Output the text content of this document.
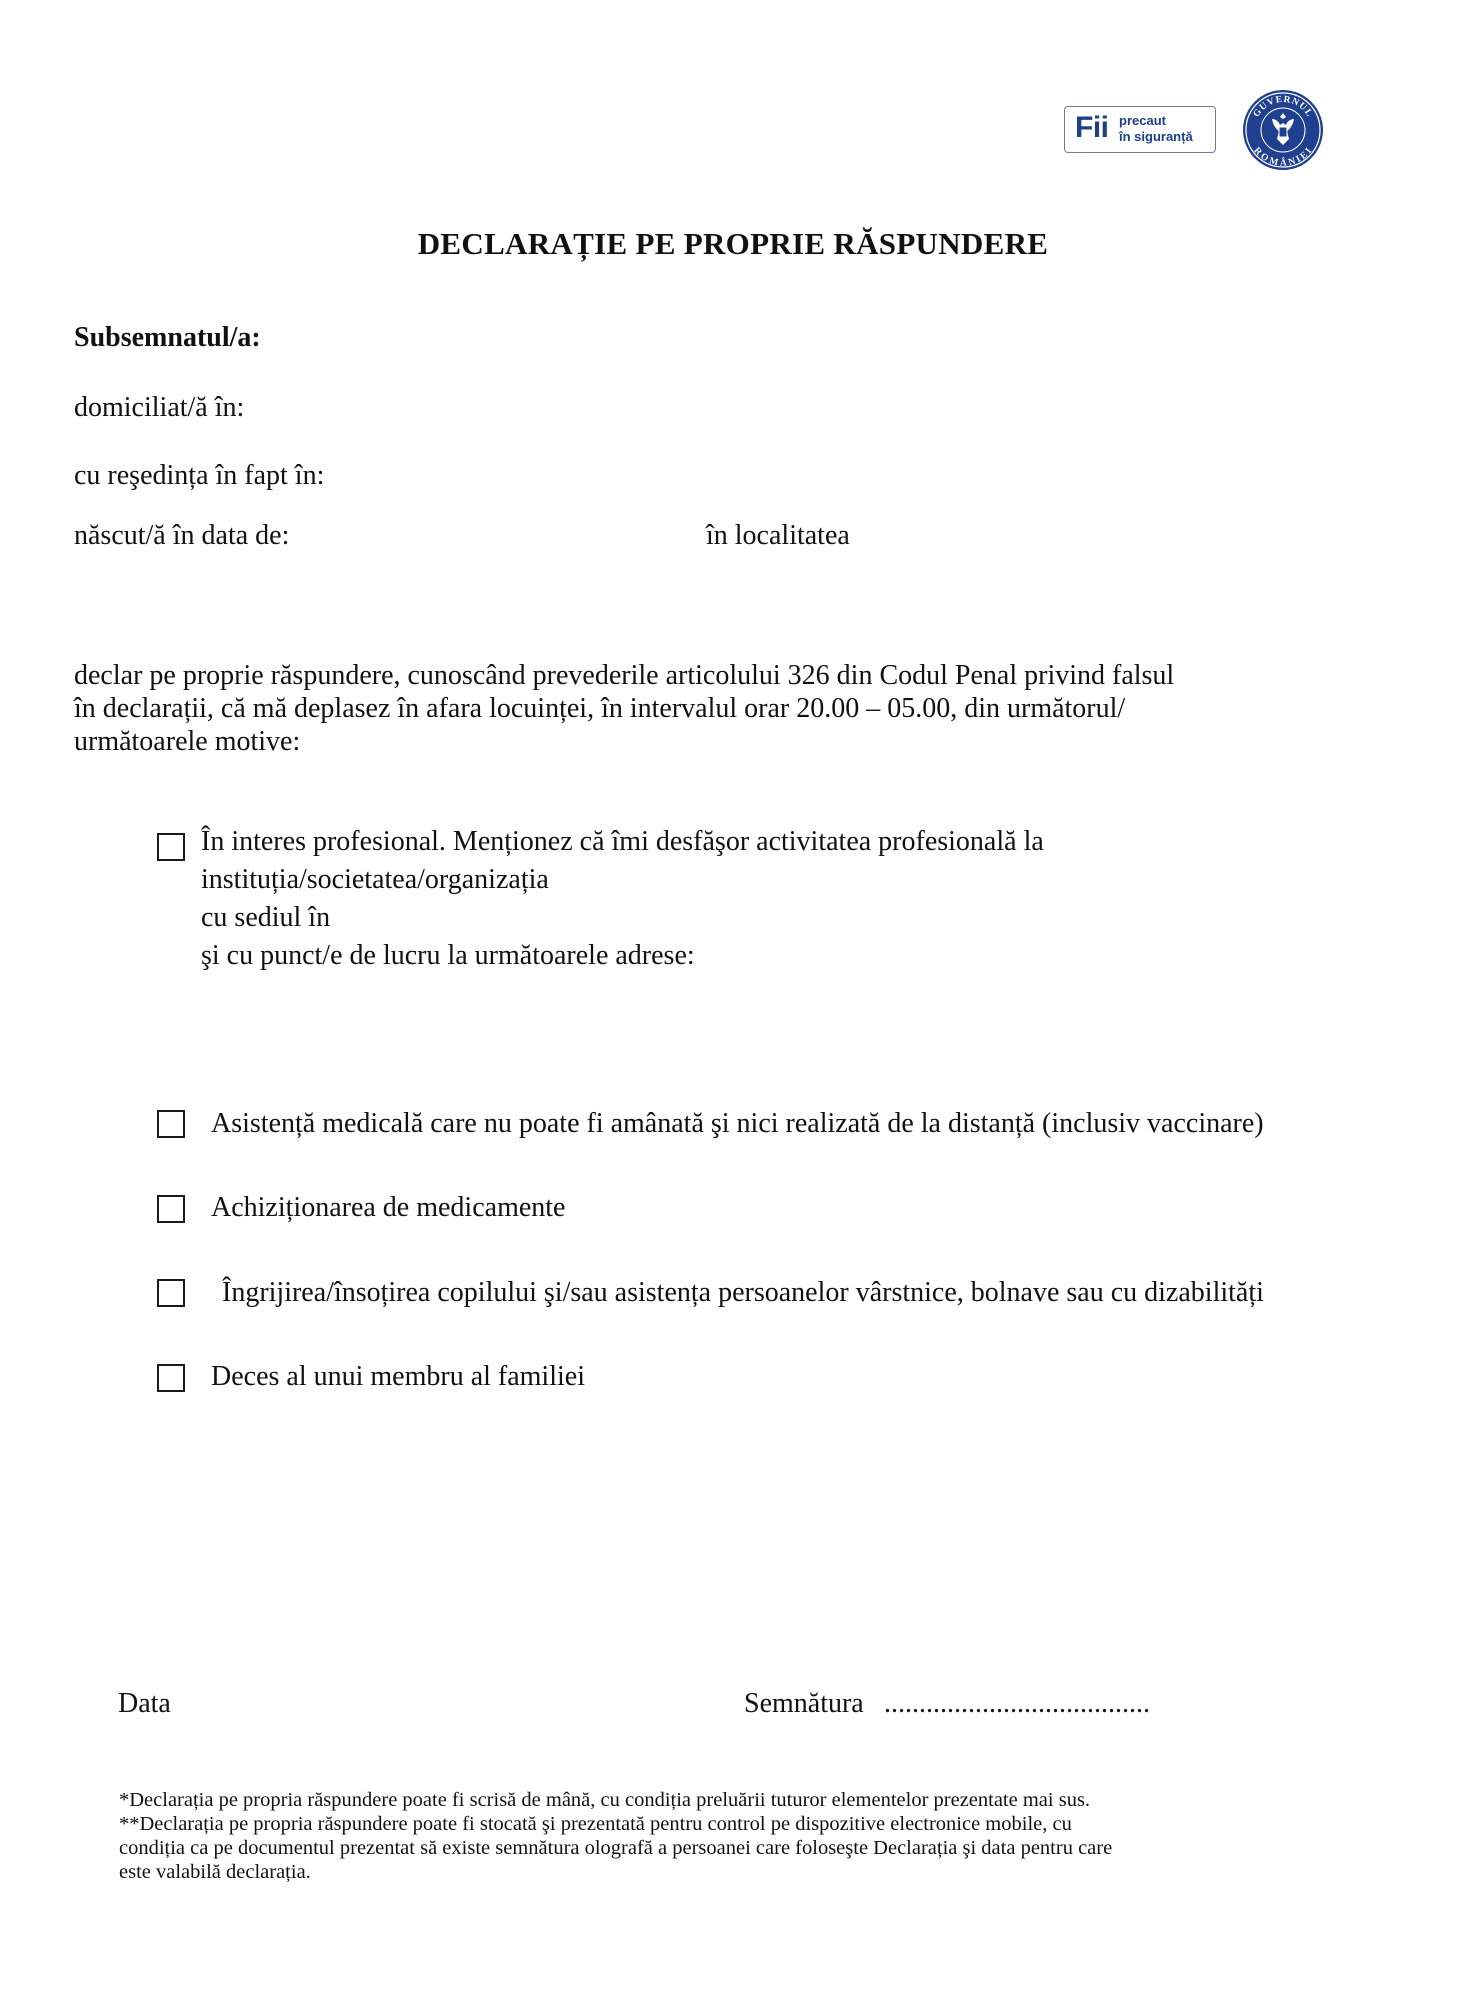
Fii precaut
în siguranță
GUVERNUL
ROMÂNIEI
DECLARAȚIE PE PROPRIE RĂSPUNDERE
Subsemnatul/a:
domiciliat/ă în:
cu reşedința în fapt în:
născut/ă în data de:	în localitatea
declar pe proprie răspundere, cunoscând prevederile articolului 326 din Codul Penal privind falsul
în declarații, că mă deplasez în afara locuinței, în intervalul orar 20.00 – 05.00, din următorul/
următoarele motive:
În interes profesional. Menționez că îmi desfăşor activitatea profesională la
instituția/societatea/organizația
cu sediul în
şi cu punct/e de lucru la următoarele adrese:
Asistență medicală care nu poate fi amânată şi nici realizată de la distanță (inclusiv vaccinare)
Achiziționarea de medicamente
Îngrijirea/însoțirea copilului şi/sau asistența persoanelor vârstnice, bolnave sau cu dizabilități
Deces al unui membru al familiei
Data	Semnătura ......................................
*Declarația pe propria răspundere poate fi scrisă de mână, cu condiția preluării tuturor elementelor prezentate mai sus.
**Declarația pe propria răspundere poate fi stocată şi prezentată pentru control pe dispozitive electronice mobile, cu
condiția ca pe documentul prezentat să existe semnătura olografă a persoanei care foloseşte Declarația şi data pentru care
este valabilă declarația.
